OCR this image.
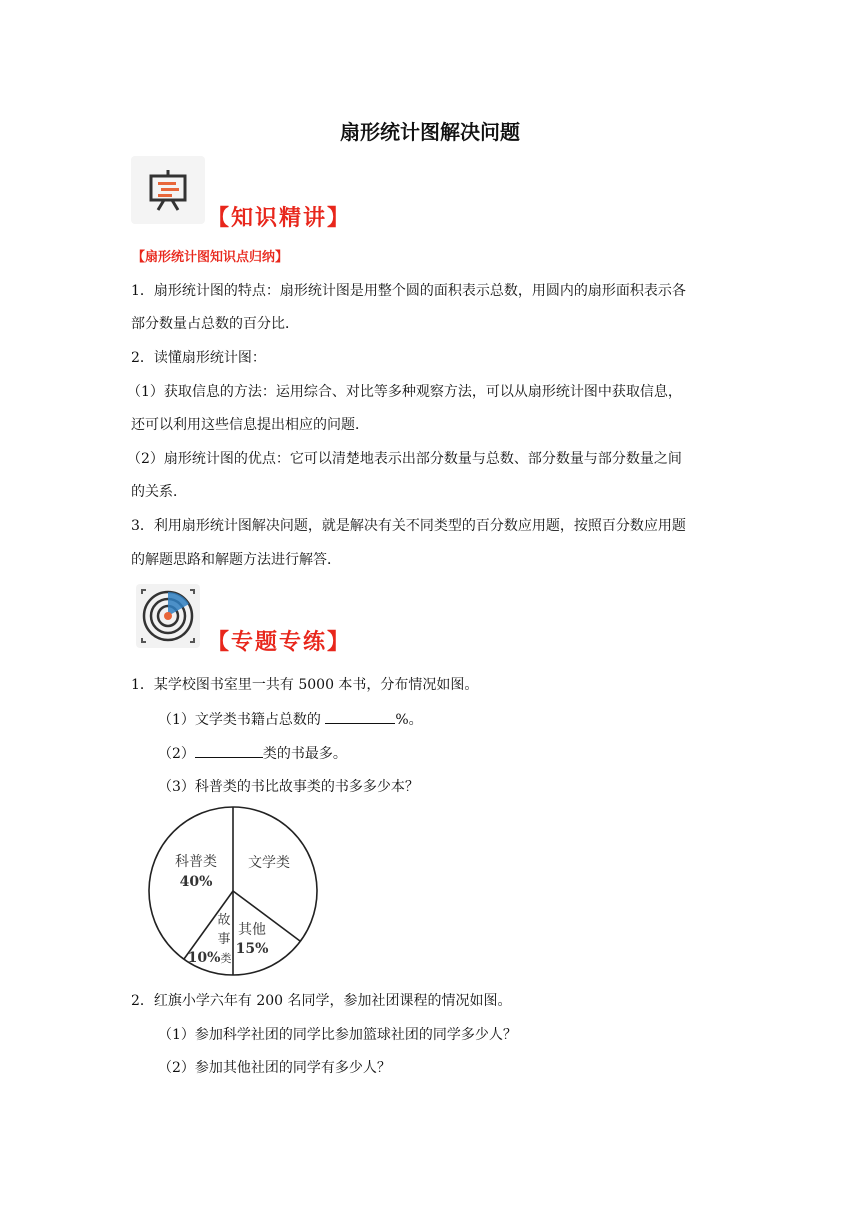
扇形统计图解决问题
【知识精讲】
【扇形统计图知识点归纳】
1．扇形统计图的特点：扇形统计图是用整个圆的面积表示总数，用圆内的扇形面积表示各
部分数量占总数的百分比．
2．读懂扇形统计图：
（1）获取信息的方法：运用综合、对比等多种观察方法，可以从扇形统计图中获取信息，
还可以利用这些信息提出相应的问题．
（2）扇形统计图的优点：它可以清楚地表示出部分数量与总数、部分数量与部分数量之间
的关系．
3．利用扇形统计图解决问题，就是解决有关不同类型的百分数应用题，按照百分数应用题
的解题思路和解题方法进行解答．
【专题专练】
1．某学校图书室里一共有 5000 本书，分布情况如图。
（1）文学类书籍占总数的	%。
（2）	类的书最多。
（3）科普类的书比故事类的书多多少本？
科普类
40%
文学类
其他
15%
故
事
类
10%
2．红旗小学六年有 200 名同学，参加社团课程的情况如图。
（1）参加科学社团的同学比参加篮球社团的同学多少人？
（2）参加其他社团的同学有多少人？
